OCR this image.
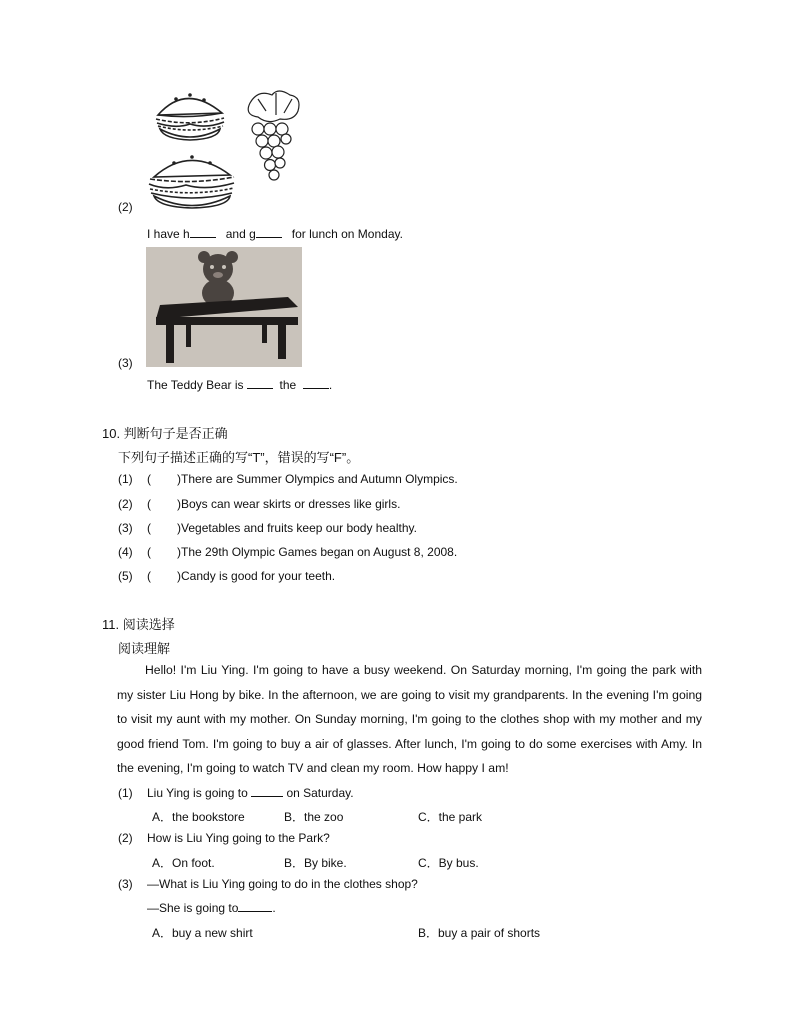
(2)
I have h	and g	for lunch on Monday.
(3)
The Teddy Bear is	the	.
10. 判断句子是否正确
下列句子描述正确的写“T”，错误的写“F”。
(1) ( )There are Summer Olympics and Autumn Olympics.
(2) ( )Boys can wear skirts or dresses like girls.
(3) ( )Vegetables and fruits keep our body healthy.
(4) ( )The 29th Olympic Games began on August 8, 2008.
(5) ( )Candy is good for your teeth.
11. 阅读选择
阅读理解
Hello! I'm Liu Ying. I'm going to have a busy weekend. On Saturday morning, I'm going the park with my sister Liu Hong by bike. In the afternoon, we are going to visit my grandparents. In the evening I'm going to visit my aunt with my mother. On Sunday morning, I'm going to the clothes shop with my mother and my good friend Tom. I'm going to buy a air of glasses. After lunch, I'm going to do some exercises with Amy. In the evening, I'm going to watch TV and clean my room. How happy I am!
(1) Liu Ying is going to	on Saturday.
A．the bookstore	B．the zoo	C．the park
(2) How is Liu Ying going to the Park?
A．On foot.	B．By bike.	C．By bus.
(3) —What is Liu Ying going to do in the clothes shop?
—She is going to	.
A．buy a new shirt	B．buy a pair of shorts
